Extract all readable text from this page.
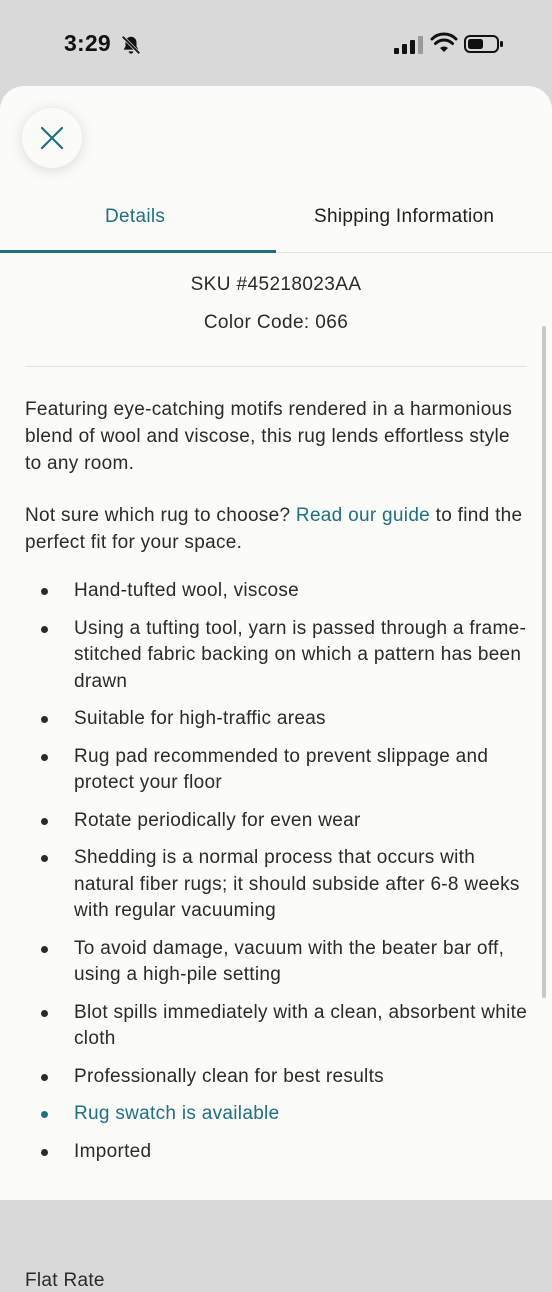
3:29
SKU #45218023AA
Color Code: 066

Featuring eye-catching motifs rendered in a harmonious blend of wool and viscose, this rug lends effortless style to any room.

Not sure which rug to choose? Read our guide to find the perfect fit for your space.

Hand-tufted wool, viscose
Using a tufting tool, yarn is passed through a frame-stitched fabric backing on which a pattern has been drawn
Suitable for high-traffic areas
Rug pad recommended to prevent slippage and protect your floor
Rotate periodically for even wear
Shedding is a normal process that occurs with natural fiber rugs; it should subside after 6-8 weeks with regular vacuuming
To avoid damage, vacuum with the beater bar off, using a high-pile setting
Blot spills immediately with a clean, absorbent white cloth
Professionally clean for best results
Rug swatch is available
Imported
Flat Rate
Details	Shipping Information
